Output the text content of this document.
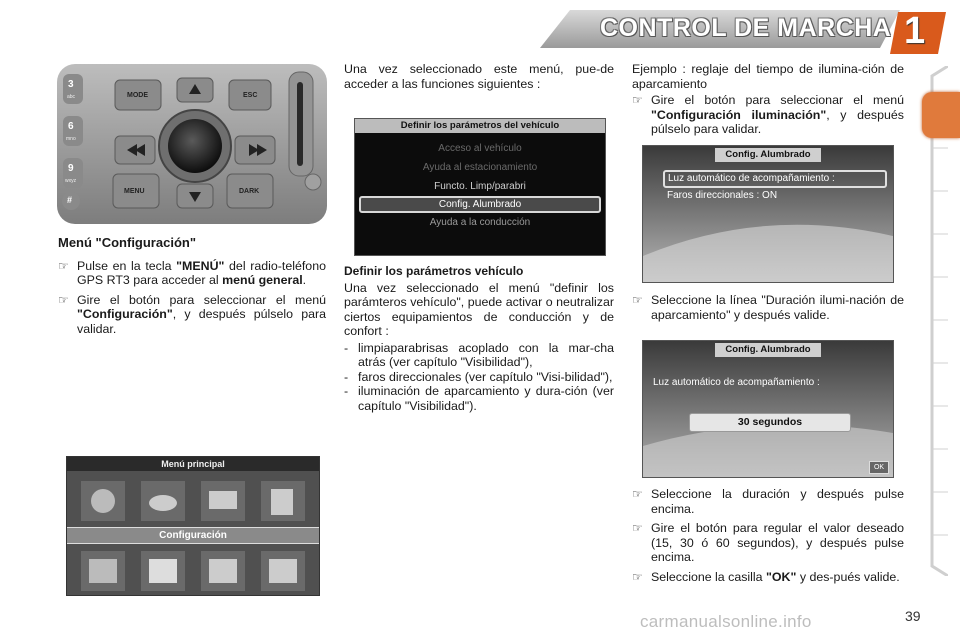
CONTROL DE MARCHA 1
MODE	ESC
MENU	DARK
3
abc
6
mno
9
wxyz
#

Menú "Configuración"

☞ Pulse en la tecla "MENÚ" del radio-teléfono GPS RT3 para acceder al menú general.

☞ Gire el botón para seleccionar el menú "Configuración", y después púlselo para validar.

Menú principal
Configuración

Una vez seleccionado este menú, pue-de acceder a las funciones siguientes :

Definir los parámetros del vehículo
Acceso al vehículo
Ayuda al estacionamiento
Functo. Limp/parabri
Config. Alumbrado
Ayuda a la conducción

Definir los parámetros vehículo

Una vez seleccionado el menú "definir los parámteros vehículo", puede activar o neutralizar ciertos equipamientos de conducción y de confort :

- limpiaparabrisas acoplado con la mar-cha atrás (ver capítulo "Visibilidad"),

- faros direccionales (ver capítulo "Visi-bilidad"),

- iluminación de aparcamiento y dura-ción (ver capítulo "Visibilidad").

Ejemplo : reglaje del tiempo de ilumina-ción de aparcamiento

☞ Gire el botón para seleccionar el menú "Configuración iluminación", y después púlselo para validar.

Config. Alumbrado
Luz automático de acompañamiento :
Faros direccionales : ON

☞ Seleccione la línea "Duración ilumi-nación de aparcamiento" y después valide.

Config. Alumbrado
Luz automático de acompañamiento :
30 segundos
OK

☞ Seleccione la duración y después pulse encima.

☞ Gire el botón para regular el valor deseado (15, 30 ó 60 segundos), y después pulse encima.

☞ Seleccione la casilla "OK" y des-pués valide.

carmanualsonline.info	39
